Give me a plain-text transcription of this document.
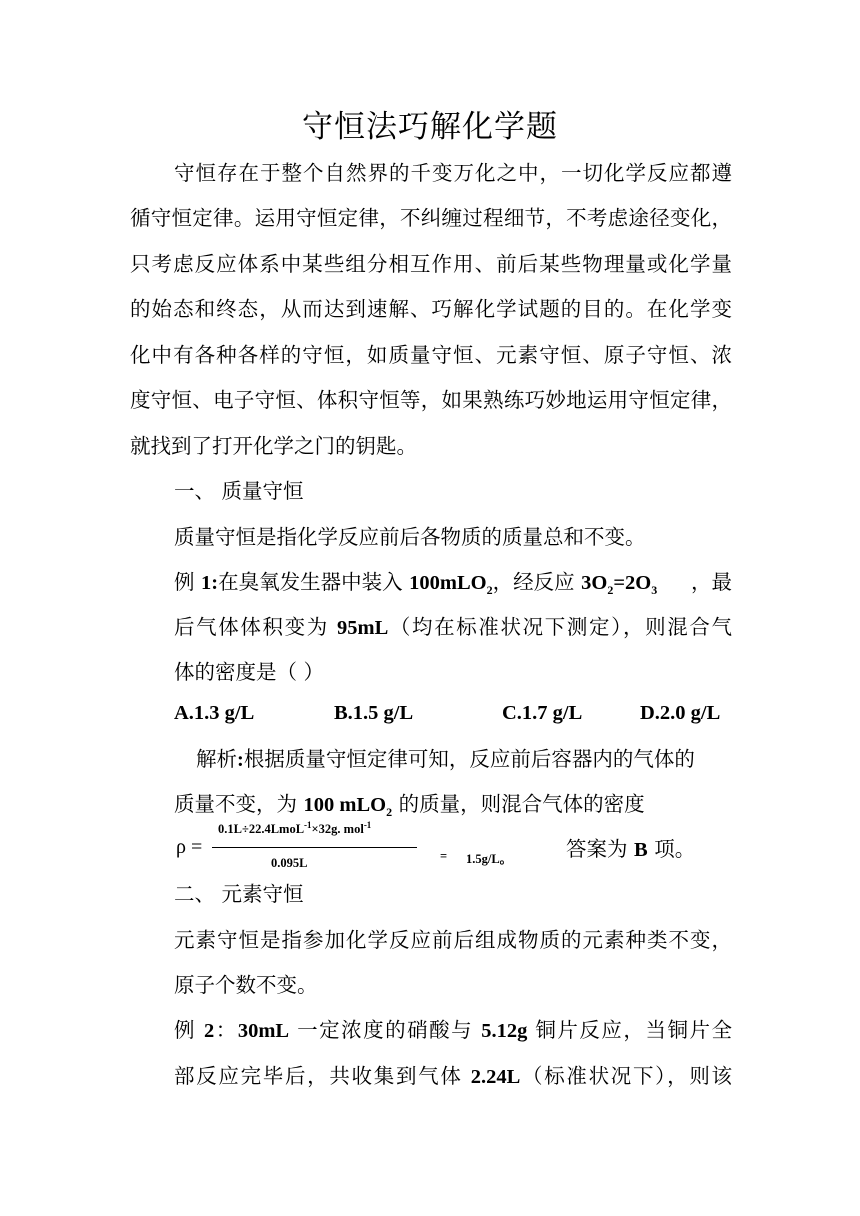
守恒法巧解化学题
守恒存在于整个自然界的千变万化之中，一切化学反应都遵
循守恒定律。运用守恒定律，不纠缠过程细节，不考虑途径变化，
只考虑反应体系中某些组分相互作用、前后某些物理量或化学量
的始态和终态，从而达到速解、巧解化学试题的目的。在化学变
化中有各种各样的守恒，如质量守恒、元素守恒、原子守恒、浓
度守恒、电子守恒、体积守恒等，如果熟练巧妙地运用守恒定律，
就找到了打开化学之门的钥匙。
一、 质量守恒
质量守恒是指化学反应前后各物质的质量总和不变。
例 1:在臭氧发生器中装入 100mLO$_2$，经反应 $3O_2=2O_3$ ，最
后气体体积变为 95mL（均在标准状况下测定），则混合气
体的密度是（ ）
A.1.3 g/L	B.1.5 g/L	C.1.7 g/L	D.2.0 g/L
解析:根据质量守恒定律可知，反应前后容器内的气体的
质量不变，为 100 mLO$_2$ 的质量，则混合气体的密度
ρ =
0.1L÷22.4LmoL$^{-1}$×32g. mol$^{-1}$
0.095L	= 1.5g/L。	答案为 B 项。
二、 元素守恒
元素守恒是指参加化学反应前后组成物质的元素种类不变，
原子个数不变。
例 2：30mL 一定浓度的硝酸与 5.12g 铜片反应，当铜片全
部反应完毕后，共收集到气体 2.24L（标准状况下），则该
